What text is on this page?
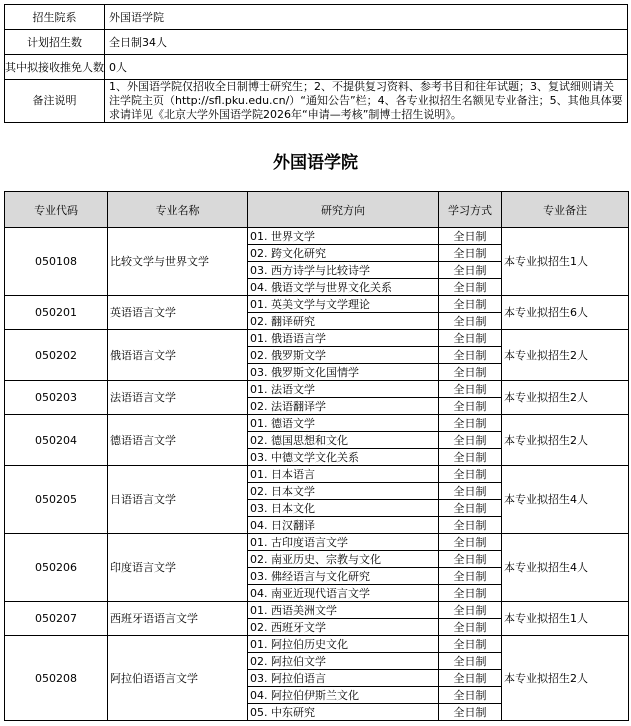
招生院系	外国语学院
计划招生数	全日制34人
其中拟接收推免人数	0人
备注说明	1、外国语学院仅招收全日制博士研究生；2、不提供复习资料、参考书目和往年试题；3、复试细则请关注学院主页（http://sfl.pku.edu.cn/）“通知公告”栏；4、各专业拟招生名额见专业备注；5、其他具体要求请详见《北京大学外国语学院2026年“申请—考核”制博士招生说明》。
外国语学院
专业代码	专业名称	研究方向	学习方式	专业备注
050108	比较文学与世界文学	01. 世界文学	全日制	本专业拟招生1人
		02. 跨文化研究	全日制	
		03. 西方诗学与比较诗学	全日制	
		04. 俄语文学与世界文化关系	全日制	
050201	英语语言文学	01. 英美文学与文学理论	全日制	本专业拟招生6人
		02. 翻译研究	全日制	
050202	俄语语言文学	01. 俄语语言学	全日制	本专业拟招生2人
		02. 俄罗斯文学	全日制	
		03. 俄罗斯文化国情学	全日制	
050203	法语语言文学	01. 法语文学	全日制	本专业拟招生2人
		02. 法语翻译学	全日制	
050204	德语语言文学	01. 德语文学	全日制	本专业拟招生2人
		02. 德国思想和文化	全日制	
		03. 中德文学文化关系	全日制	
050205	日语语言文学	01. 日本语言	全日制	本专业拟招生4人
		02. 日本文学	全日制	
		03. 日本文化	全日制	
		04. 日汉翻译	全日制	
050206	印度语言文学	01. 古印度语言文学	全日制	本专业拟招生4人
		02. 南亚历史、宗教与文化	全日制	
		03. 佛经语言与文化研究	全日制	
		04. 南亚近现代语言文学	全日制	
050207	西班牙语语言文学	01. 西语美洲文学	全日制	本专业拟招生1人
		02. 西班牙文学	全日制	
050208	阿拉伯语语言文学	01. 阿拉伯历史文化	全日制	本专业拟招生2人
		02. 阿拉伯文学	全日制	
		03. 阿拉伯语言	全日制	
		04. 阿拉伯伊斯兰文化	全日制	
		05. 中东研究	全日制	
